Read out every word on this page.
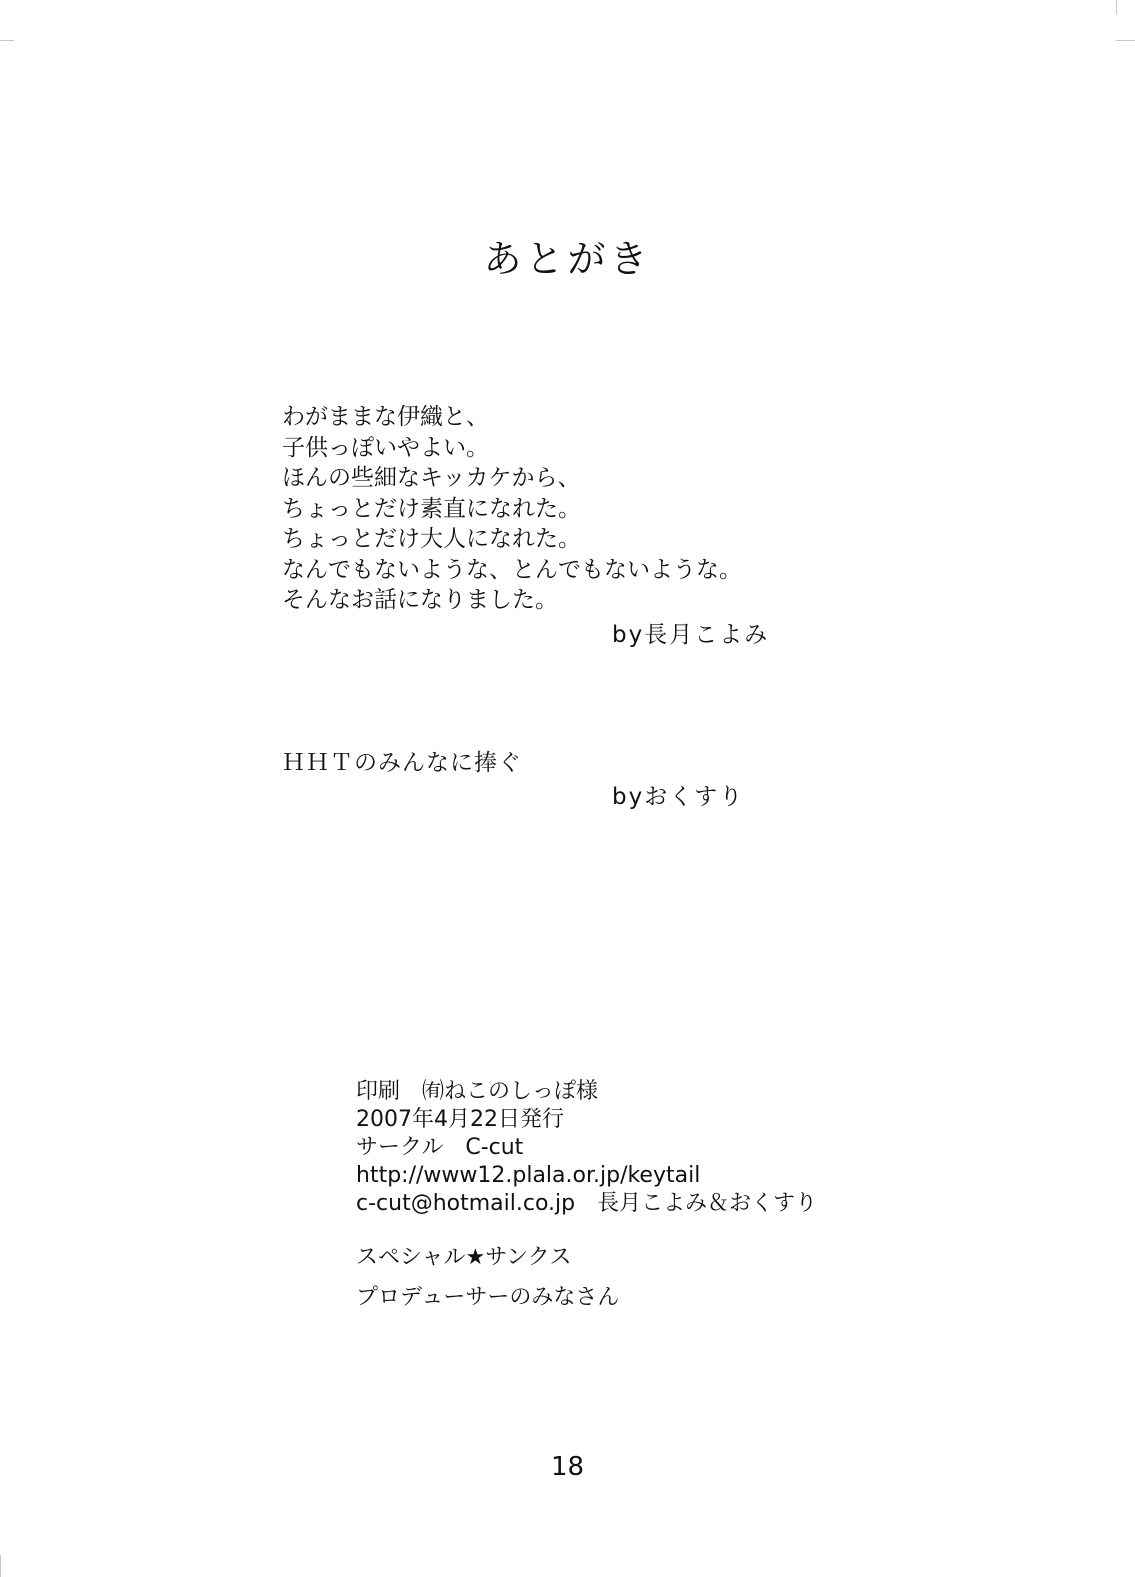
あとがき
わがままな伊織と、
子供っぽいやよい。
ほんの些細なキッカケから、
ちょっとだけ素直になれた。
ちょっとだけ大人になれた。
なんでもないような、とんでもないような。
そんなお話になりました。
by長月こよみ
ＨＨＴのみんなに捧ぐ
byおくすり
印刷　㈲ねこのしっぽ様
2007年4月22日発行
サークル　C-cut
http://www12.plala.or.jp/keytail
c-cut@hotmail.co.jp　長月こよみ＆おくすり
スペシャル★サンクス
プロデューサーのみなさん
18
